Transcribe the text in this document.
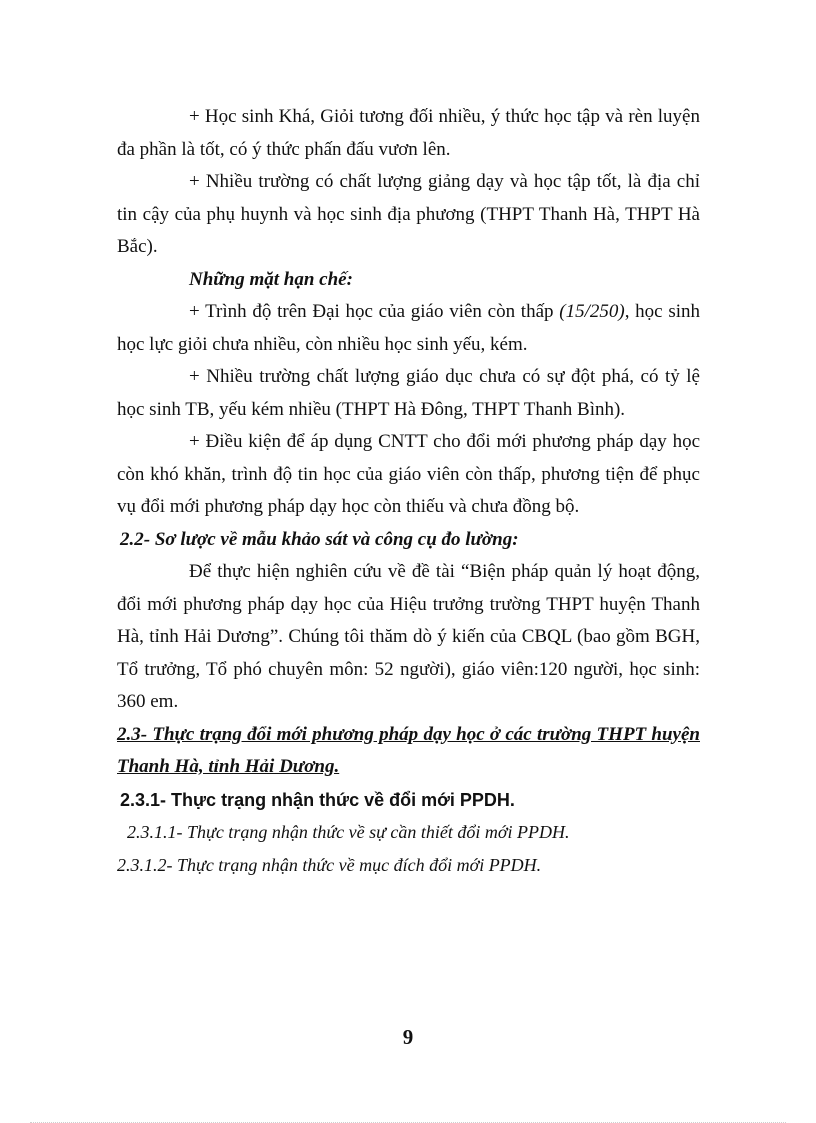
+ Học sinh Khá, Giỏi tương đối nhiều, ý thức học tập và rèn luyện đa phần là tốt, có ý thức phấn đấu vươn lên.

+ Nhiều trường có chất lượng giảng dạy và học tập tốt, là địa chỉ tin cậy của phụ huynh và học sinh địa phương (THPT Thanh Hà, THPT Hà Bắc).

Những mặt hạn chế:

+ Trình độ trên Đại học của giáo viên còn thấp (15/250), học sinh học lực giỏi chưa nhiều, còn nhiều học sinh yếu, kém.

+ Nhiều trường chất lượng giáo dục chưa có sự đột phá, có tỷ lệ học sinh TB, yếu kém nhiều (THPT Hà Đông, THPT Thanh Bình).

+ Điều kiện để áp dụng CNTT cho đổi mới phương pháp dạy học còn khó khăn, trình độ tin học của giáo viên còn thấp, phương tiện để phục vụ đổi mới phương pháp dạy học còn thiếu và chưa đồng bộ.

2.2- Sơ lược về mẫu khảo sát và công cụ đo lường:

Để thực hiện nghiên cứu về đề tài “Biện pháp quản lý hoạt động, đổi mới phương pháp dạy học của Hiệu trưởng trường THPT huyện Thanh Hà, tỉnh Hải Dương”. Chúng tôi thăm dò ý kiến của CBQL (bao gồm BGH, Tổ trưởng, Tổ phó chuyên môn: 52 người), giáo viên:120 người, học sinh: 360 em.

2.3- Thực trạng đổi mới phương pháp dạy học ở các trường THPT huyện Thanh Hà, tỉnh Hải Dương.

2.3.1- Thực trạng nhận thức về đổi mới PPDH.

2.3.1.1- Thực trạng nhận thức về sự cần thiết đổi mới PPDH.

2.3.1.2- Thực trạng nhận thức về mục đích đổi mới PPDH.

9
